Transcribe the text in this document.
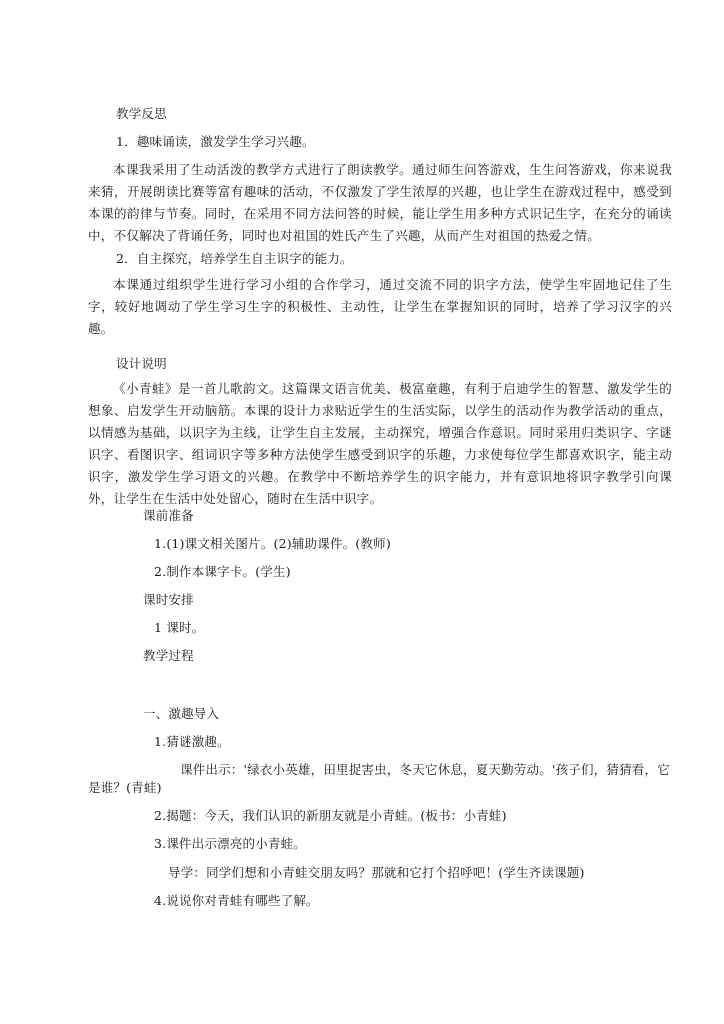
教学反思
1．趣味诵读，激发学生学习兴趣。

本课我采用了生动活泼的教学方式进行了朗读教学。通过师生问答游戏，生生问答游戏，你来说我来猜，开展朗读比赛等富有趣味的活动，不仅激发了学生浓厚的兴趣，也让学生在游戏过程中，感受到本课的韵律与节奏。同时，在采用不同方法问答的时候，能让学生用多种方式识记生字，在充分的诵读中，不仅解决了背诵任务，同时也对祖国的姓氏产生了兴趣，从而产生对祖国的热爱之情。

2．自主探究，培养学生自主识字的能力。

本课通过组织学生进行学习小组的合作学习，通过交流不同的识字方法，使学生牢固地记住了生字，较好地调动了学生学习生字的积极性、主动性，让学生在掌握知识的同时，培养了学习汉字的兴趣。

设计说明

《小青蛙》是一首儿歌韵文。这篇课文语言优美、极富童趣，有利于启迪学生的智慧、激发学生的想象、启发学生开动脑筋。本课的设计力求贴近学生的生活实际，以学生的活动作为教学活动的重点，以情感为基础，以识字为主线，让学生自主发展，主动探究，增强合作意识。同时采用归类识字、字谜识字、看图识字、组词识字等多种方法使学生感受到识字的乐趣，力求使每位学生都喜欢识字，能主动识字，激发学生学习语文的兴趣。在教学中不断培养学生的识字能力，并有意识地将识字教学引向课外，让学生在生活中处处留心，随时在生活中识字。

课前准备
1.(1)课文相关图片。(2)辅助课件。(教师)
2.制作本课字卡。(学生)
课时安排
1 课时。
教学过程
一、激趣导入
1.猜谜激趣。
课件出示：'绿衣小英雄，田里捉害虫，冬天它休息，夏天勤劳动。'孩子们，猜猜看，它
是谁？(青蛙)
2.揭题：今天，我们认识的新朋友就是小青蛙。(板书：小青蛙)
3.课件出示漂亮的小青蛙。
导学：同学们想和小青蛙交朋友吗？那就和它打个招呼吧！(学生齐读课题)
4.说说你对青蛙有哪些了解。
